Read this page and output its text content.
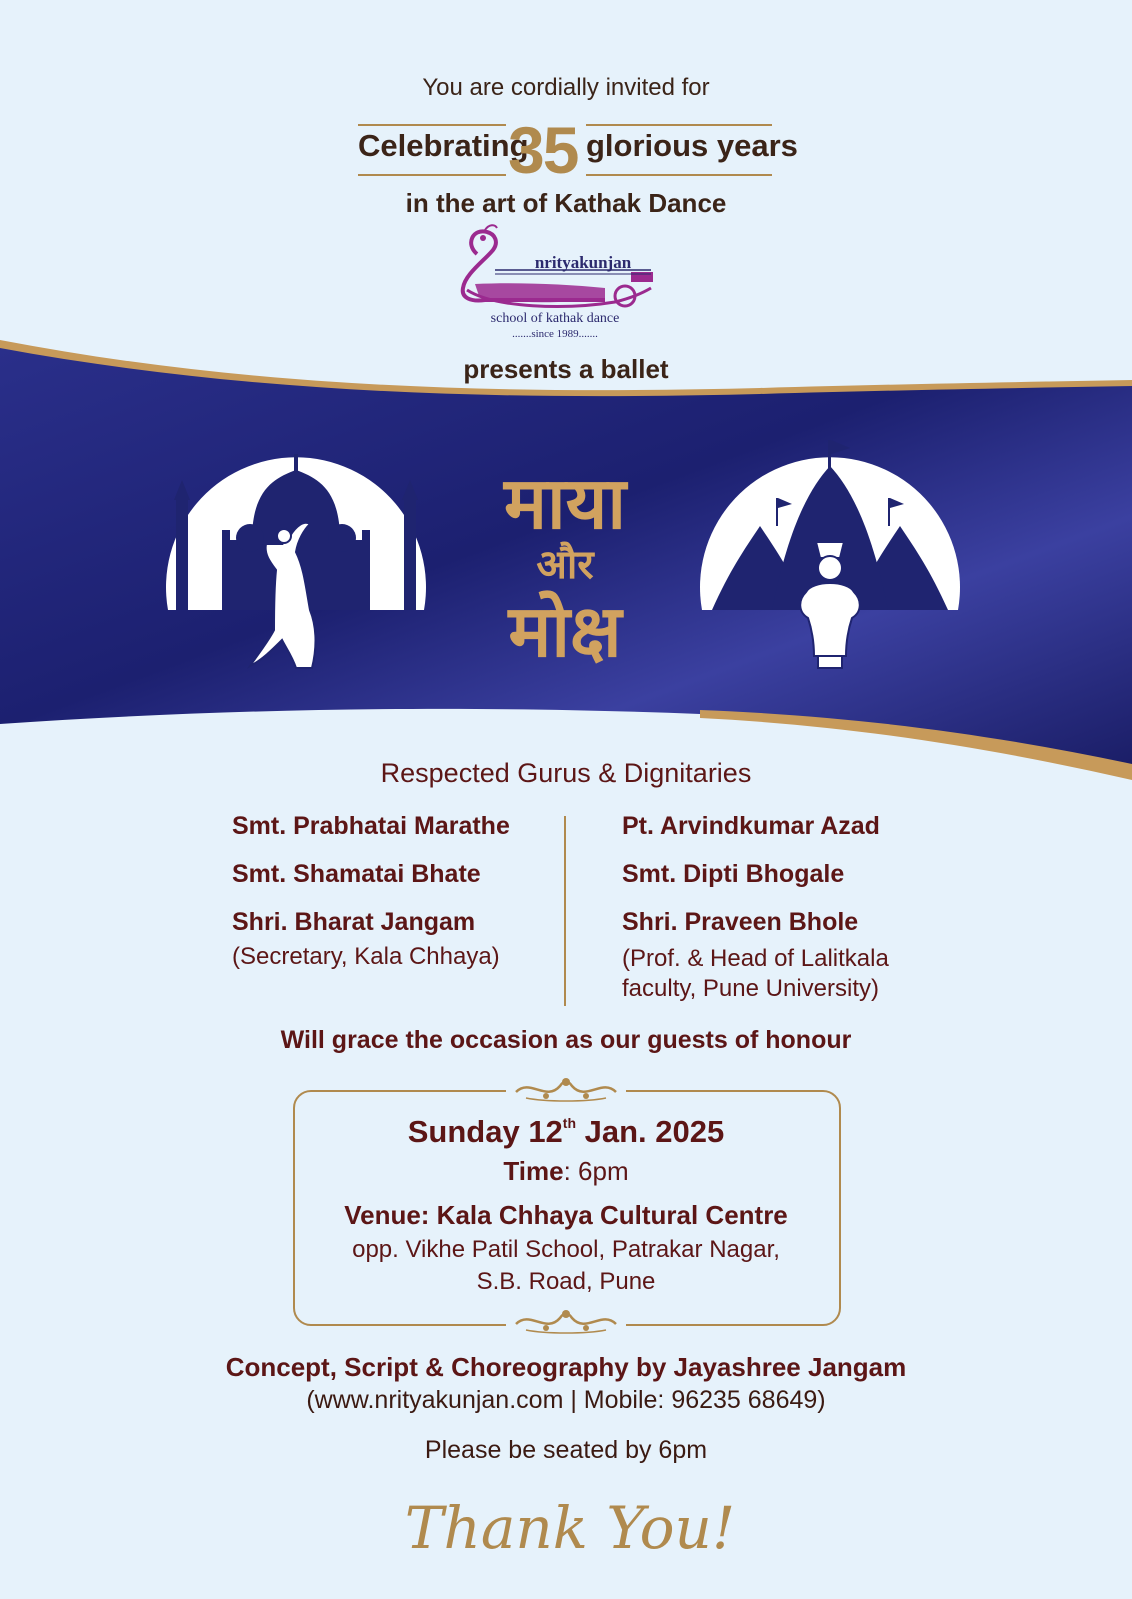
You are cordially invited for
Celebrating
35 glorious years
in the art of Kathak Dance
nrityakunjan
school of kathak dance
.......since 1989.......
माया
और
मोक्ष
presents a ballet
Respected Gurus & Dignitaries
Smt. Prabhatai Marathe
Smt. Shamatai Bhate
Shri. Bharat Jangam
(Secretary, Kala Chhaya)
Pt. Arvindkumar Azad
Smt. Dipti Bhogale
Shri. Praveen Bhole
(Prof. & Head of Lalitkala
faculty, Pune University)
Will grace the occasion as our guests of honour
Sunday 12th Jan. 2025
Time: 6pm
Venue: Kala Chhaya Cultural Centre
opp. Vikhe Patil School, Patrakar Nagar,
S.B. Road, Pune
Concept, Script & Choreography by Jayashree Jangam
(www.nrityakunjan.com | Mobile: 96235 68649)
Please be seated by 6pm
Thank You!
